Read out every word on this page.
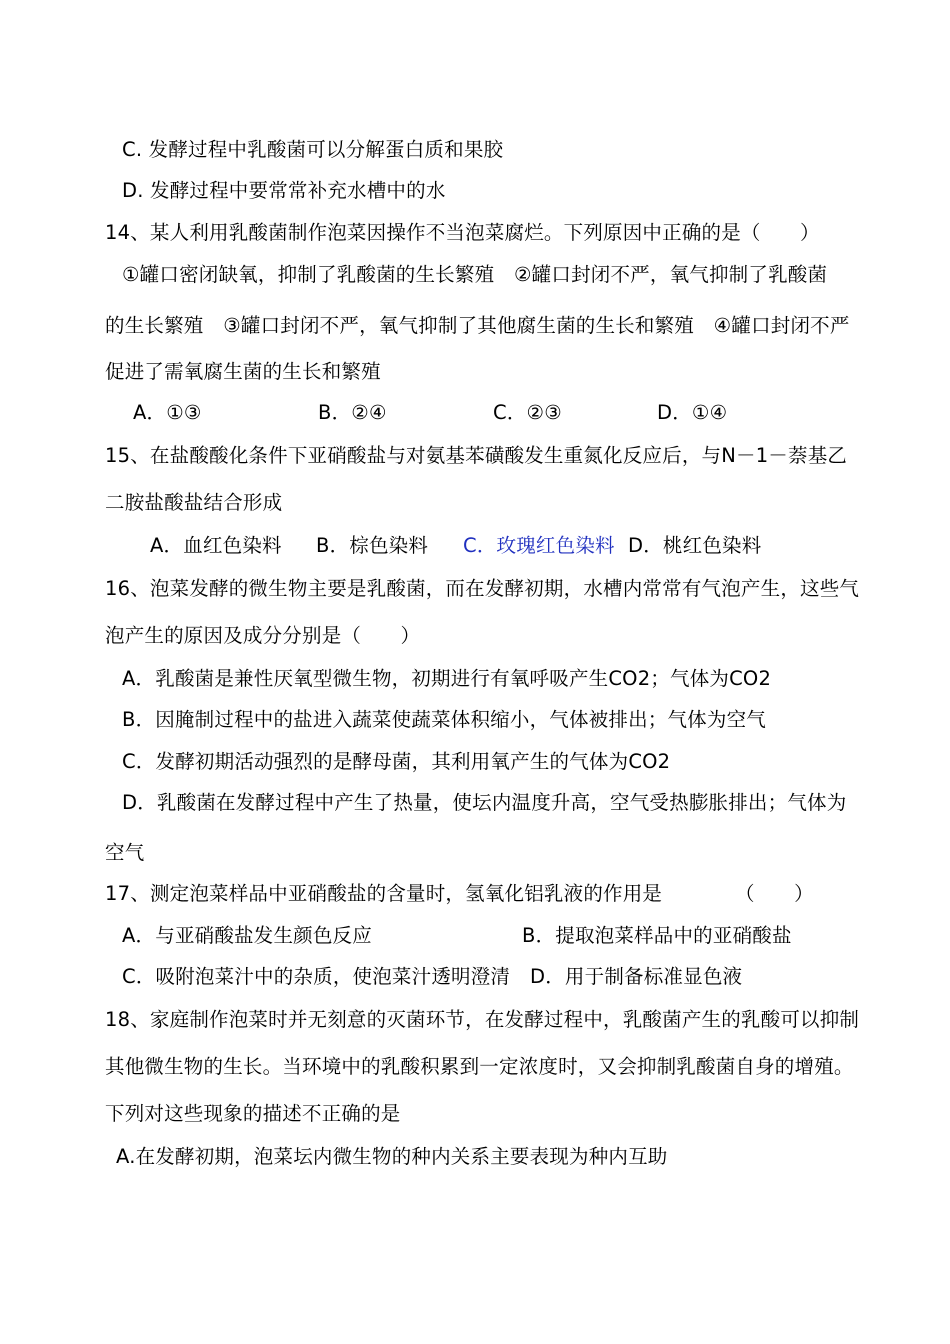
C. 发酵过程中乳酸菌可以分解蛋白质和果胶
D. 发酵过程中要常常补充水槽中的水
14、某人利用乳酸菌制作泡菜因操作不当泡菜腐烂。下列原因中正确的是（　　）
①罐口密闭缺氧，抑制了乳酸菌的生长繁殖　②罐口封闭不严，氧气抑制了乳酸菌
的生长繁殖　③罐口封闭不严，氧气抑制了其他腐生菌的生长和繁殖　④罐口封闭不严
促进了需氧腐生菌的生长和繁殖
A．①③	B．②④	C．②③	D．①④
15、在盐酸酸化条件下亚硝酸盐与对氨基苯磺酸发生重氮化反应后，与N－1－萘基乙
二胺盐酸盐结合形成
A．血红色染料 B．棕色染料 C．玫瑰红色染料 D．桃红色染料
16、泡菜发酵的微生物主要是乳酸菌，而在发酵初期，水槽内常常有气泡产生，这些气
泡产生的原因及成分分别是（　　）
A．乳酸菌是兼性厌氧型微生物，初期进行有氧呼吸产生CO2；气体为CO2
B．因腌制过程中的盐进入蔬菜使蔬菜体积缩小，气体被排出；气体为空气
C．发酵初期活动强烈的是酵母菌，其利用氧产生的气体为CO2
D．乳酸菌在发酵过程中产生了热量，使坛内温度升高，空气受热膨胀排出；气体为
空气
17、测定泡菜样品中亚硝酸盐的含量时，氢氧化铝乳液的作用是	（　　）
A．与亚硝酸盐发生颜色反应	B．提取泡菜样品中的亚硝酸盐
C．吸附泡菜汁中的杂质，使泡菜汁透明澄清 D．用于制备标准显色液
18、家庭制作泡菜时并无刻意的灭菌环节，在发酵过程中，乳酸菌产生的乳酸可以抑制
其他微生物的生长。当环境中的乳酸积累到一定浓度时，又会抑制乳酸菌自身的增殖。
下列对这些现象的描述不正确的是
A.在发酵初期，泡菜坛内微生物的种内关系主要表现为种内互助
